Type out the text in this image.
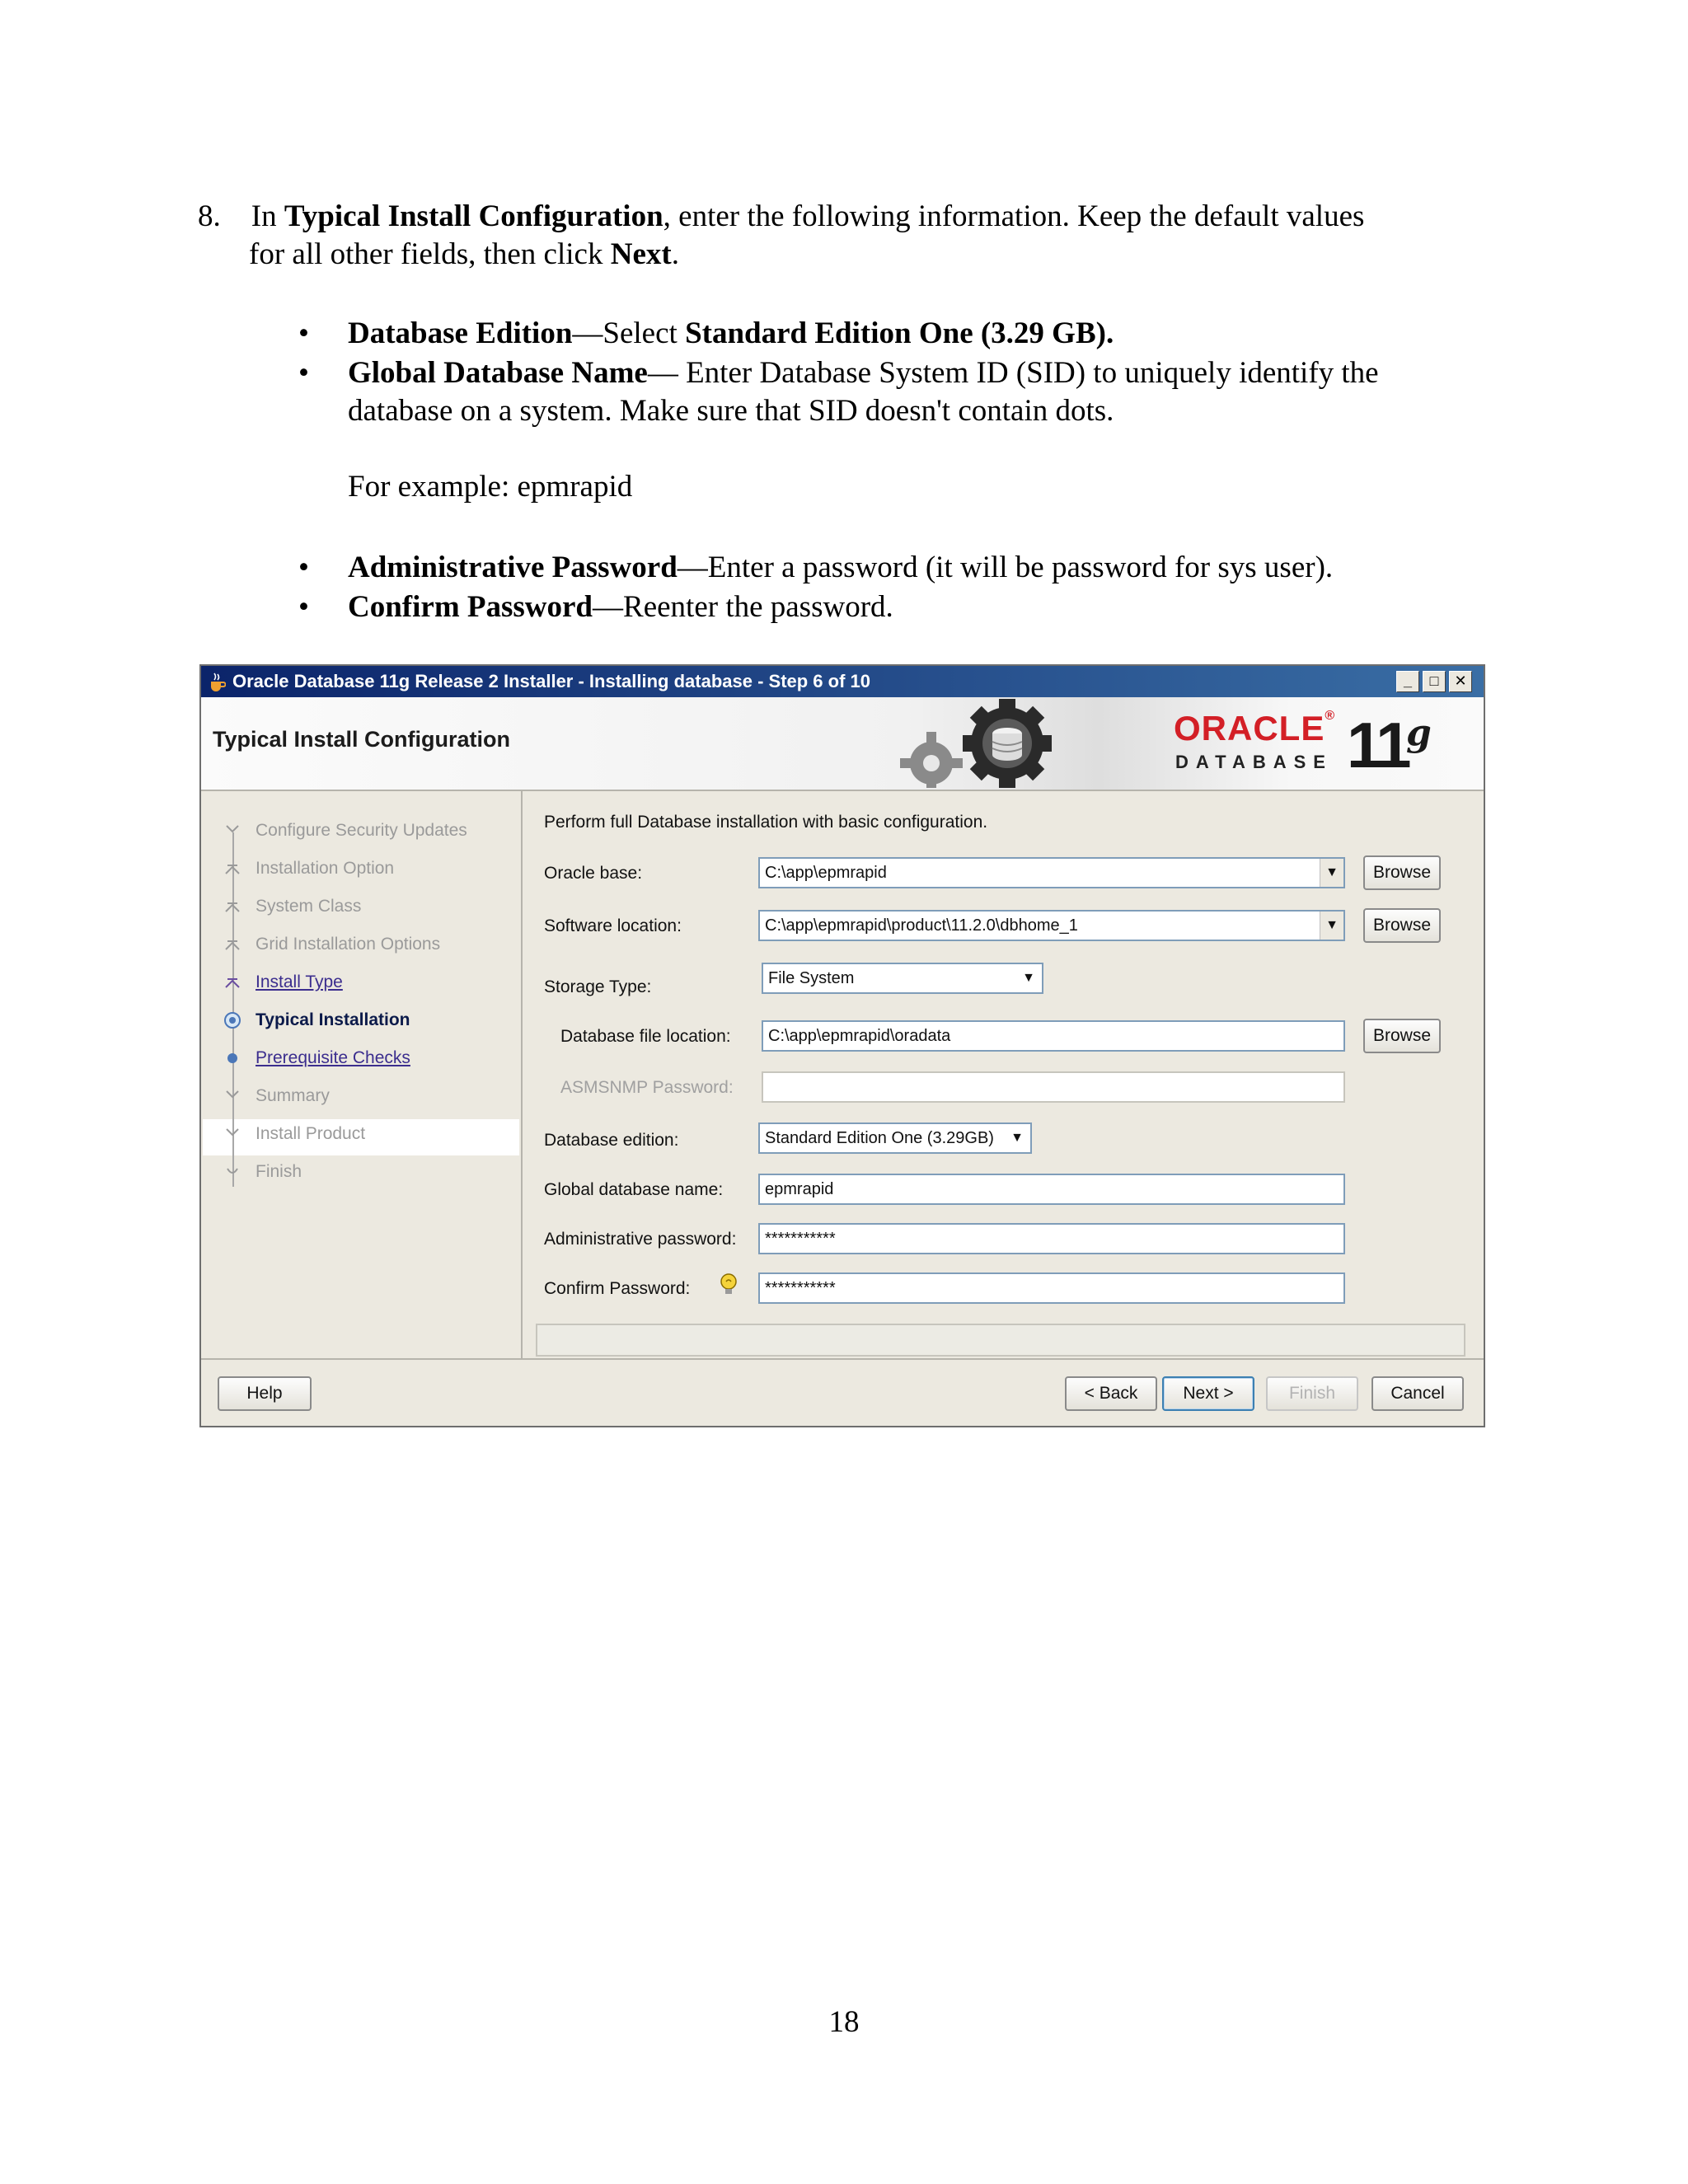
8. In Typical Install Configuration, enter the following information. Keep the default values
for all other fields, then click Next.
• Database Edition—Select Standard Edition One (3.29 GB).
• Global Database Name— Enter Database System ID (SID) to uniquely identify the
database on a system. Make sure that SID doesn't contain dots.
For example: epmrapid
• Administrative Password—Enter a password (it will be password for sys user).
• Confirm Password—Reenter the password.
Oracle Database 11g Release 2 Installer - Installing database - Step 6 of 10	_	□	✕
Typical Install Configuration	ORACLE®
DATABASE 11
g
Configure Security Updates
Installation Option
System Class
Grid Installation Options
Install Type
Typical Installation
Prerequisite Checks
Summary
Install Product
Finish
Perform full Database installation with basic configuration.
Oracle base:	C:\app\epmrapid	▼	Browse
Software location:	C:\app\epmrapid\product\11.2.0\dbhome_1	▼	Browse
Storage Type:	File System	▼
Database file location:	C:\app\epmrapid\oradata	Browse
ASMSNMP Password:
Database edition:	Standard Edition One (3.29GB) ▼
Global database name:	epmrapid
Administrative password:	***********
Confirm Password:	***********
Help	< Back	Next >	Finish	Cancel
18
